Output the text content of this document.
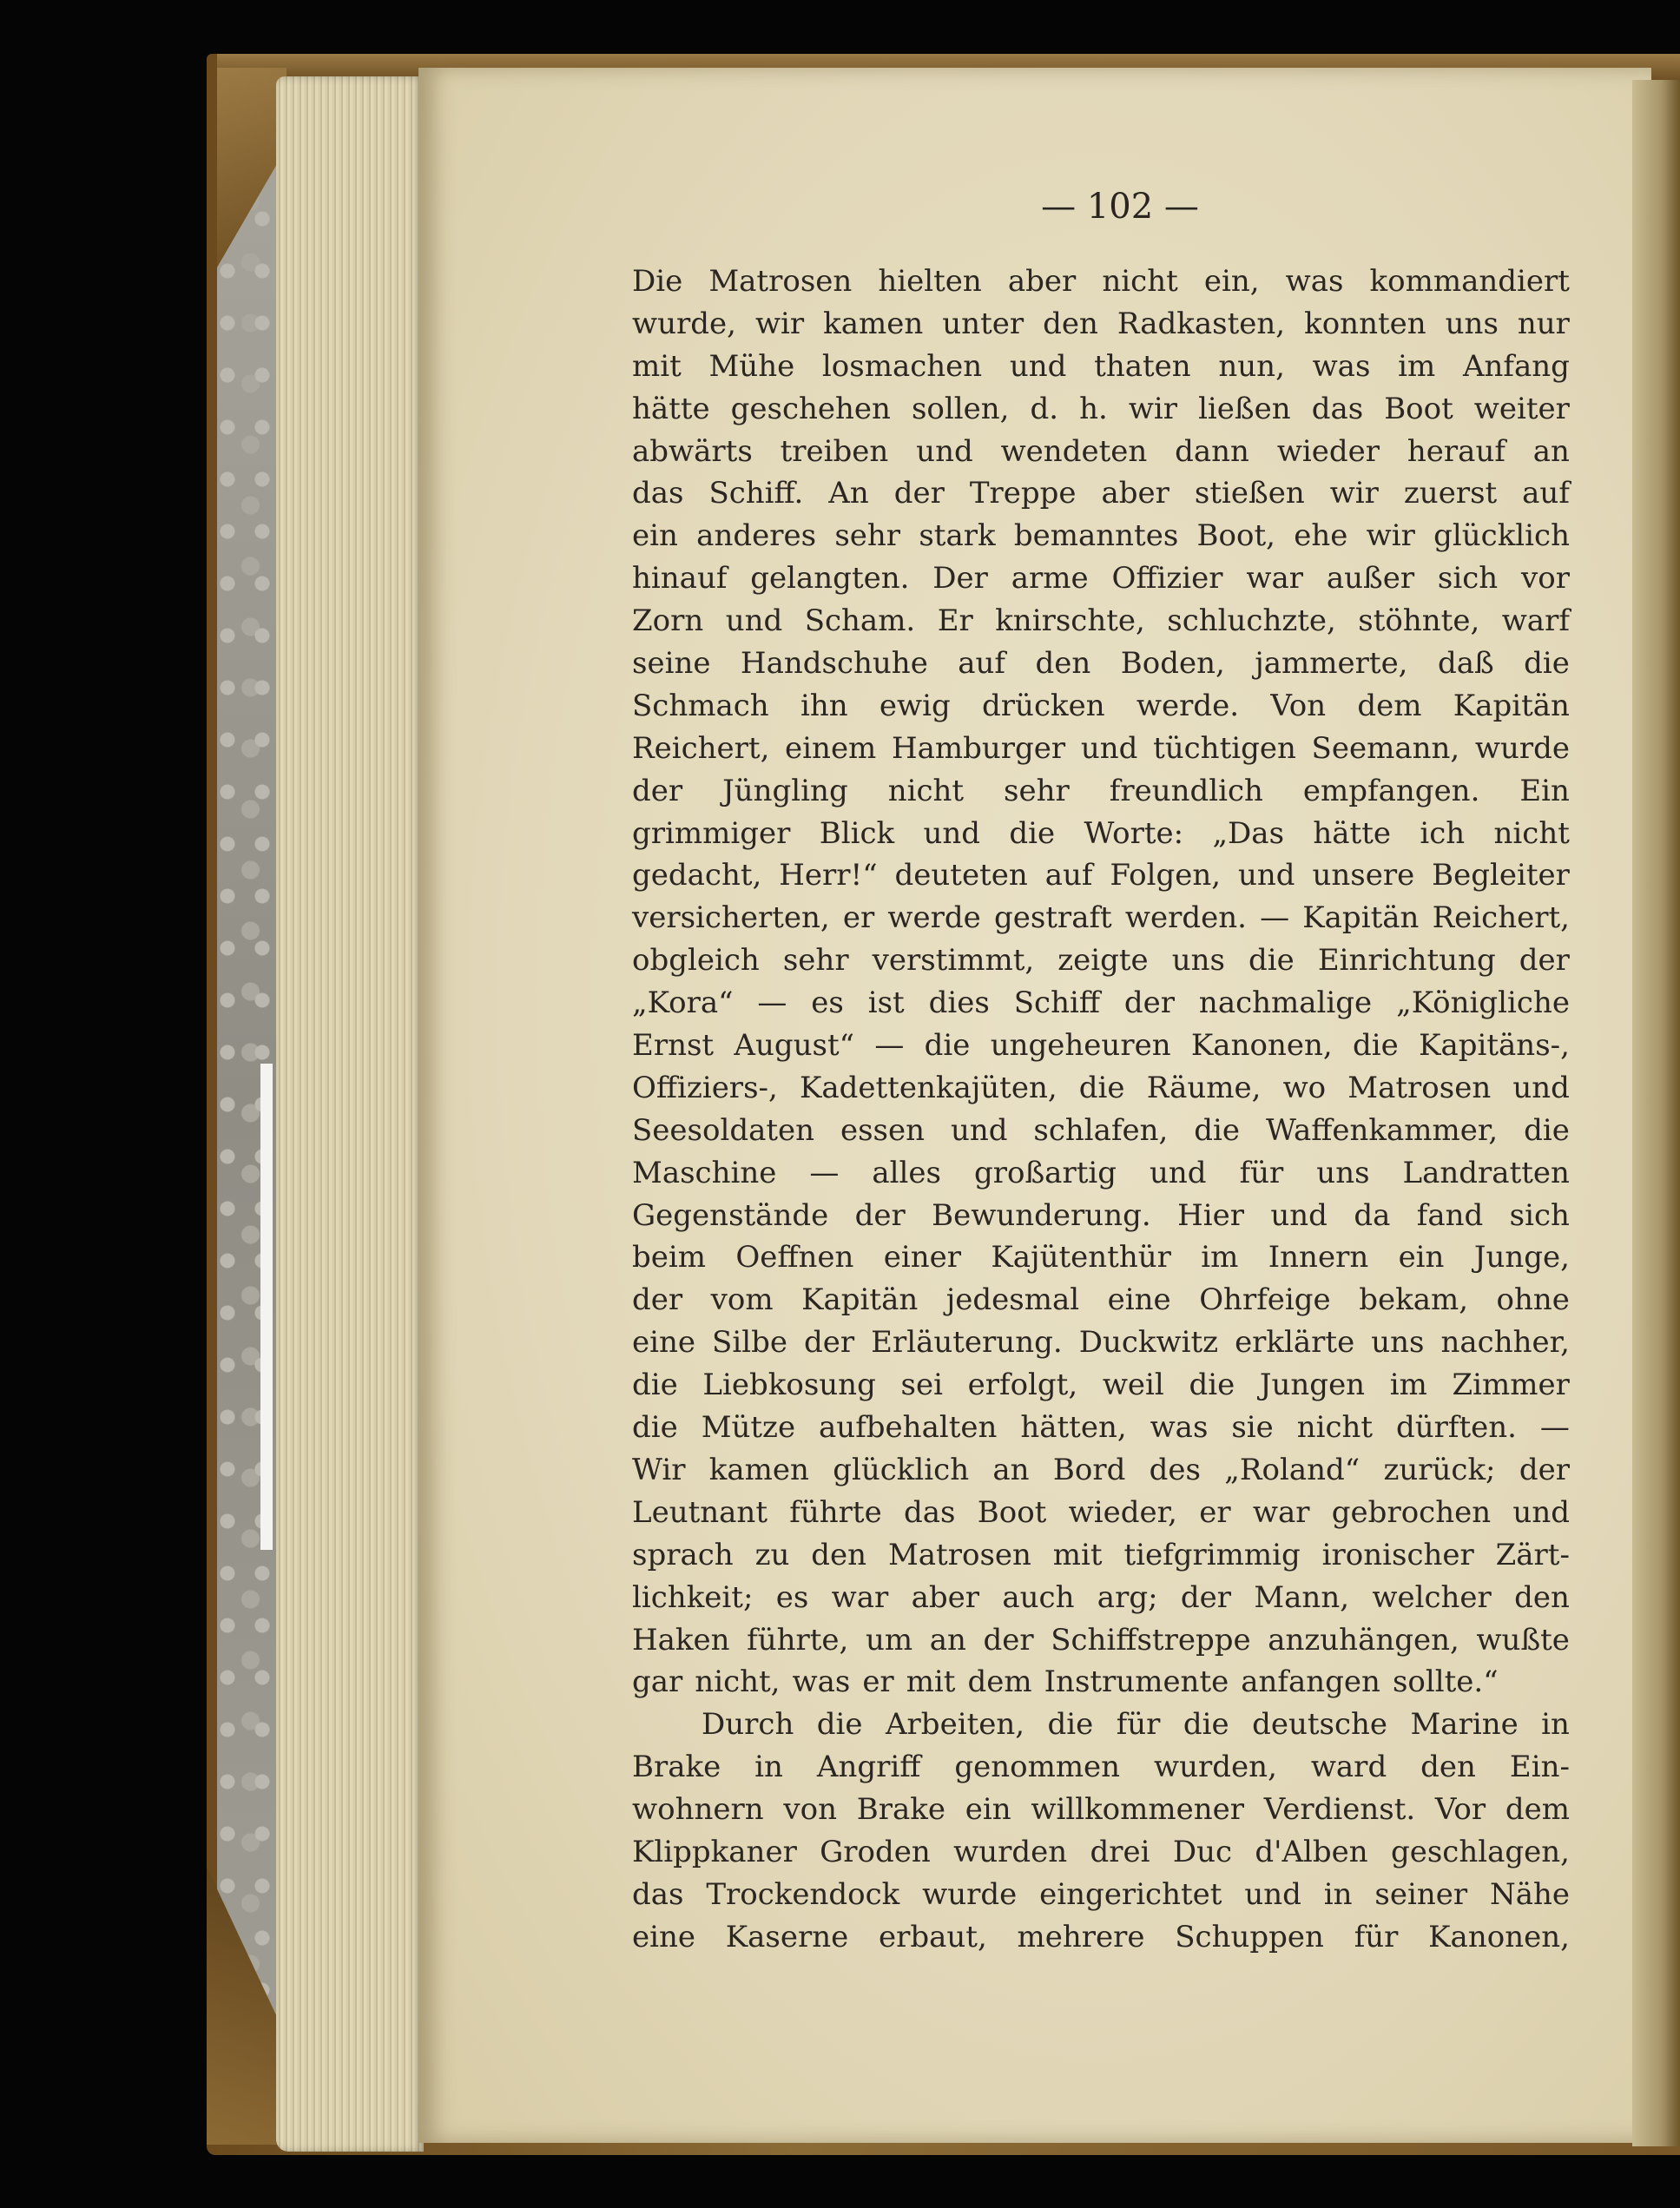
— 102 —
Die Matrosen hielten aber nicht ein, was kommandiert
wurde, wir kamen unter den Radkasten, konnten uns nur
mit Mühe losmachen und thaten nun, was im Anfang
hätte geschehen sollen, d. h. wir ließen das Boot weiter
abwärts treiben und wendeten dann wieder herauf an
das Schiff. An der Treppe aber stießen wir zuerst auf
ein anderes sehr stark bemanntes Boot, ehe wir glücklich
hinauf gelangten. Der arme Offizier war außer sich vor
Zorn und Scham. Er knirschte, schluchzte, stöhnte, warf
seine Handschuhe auf den Boden, jammerte, daß die
Schmach ihn ewig drücken werde. Von dem Kapitän
Reichert, einem Hamburger und tüchtigen Seemann, wurde
der Jüngling nicht sehr freundlich empfangen. Ein
grimmiger Blick und die Worte: „Das hätte ich nicht
gedacht, Herr!“ deuteten auf Folgen, und unsere Begleiter
versicherten, er werde gestraft werden. — Kapitän Reichert,
obgleich sehr verstimmt, zeigte uns die Einrichtung der
„Kora“ — es ist dies Schiff der nachmalige „Königliche
Ernst August“ — die ungeheuren Kanonen, die Kapitäns-,
Offiziers-, Kadettenkajüten, die Räume, wo Matrosen und
Seesoldaten essen und schlafen, die Waffenkammer, die
Maschine — alles großartig und für uns Landratten
Gegenstände der Bewunderung. Hier und da fand sich
beim Oeffnen einer Kajütenthür im Innern ein Junge,
der vom Kapitän jedesmal eine Ohrfeige bekam, ohne
eine Silbe der Erläuterung. Duckwitz erklärte uns nachher,
die Liebkosung sei erfolgt, weil die Jungen im Zimmer
die Mütze aufbehalten hätten, was sie nicht dürften. —
Wir kamen glücklich an Bord des „Roland“ zurück; der
Leutnant führte das Boot wieder, er war gebrochen und
sprach zu den Matrosen mit tiefgrimmig ironischer Zärt-
lichkeit; es war aber auch arg; der Mann, welcher den
Haken führte, um an der Schiffstreppe anzuhängen, wußte
gar nicht, was er mit dem Instrumente anfangen sollte.“
Durch die Arbeiten, die für die deutsche Marine in
Brake in Angriff genommen wurden, ward den Ein-
wohnern von Brake ein willkommener Verdienst. Vor dem
Klippkaner Groden wurden drei Duc d'Alben geschlagen,
das Trockendock wurde eingerichtet und in seiner Nähe
eine Kaserne erbaut, mehrere Schuppen für Kanonen,
